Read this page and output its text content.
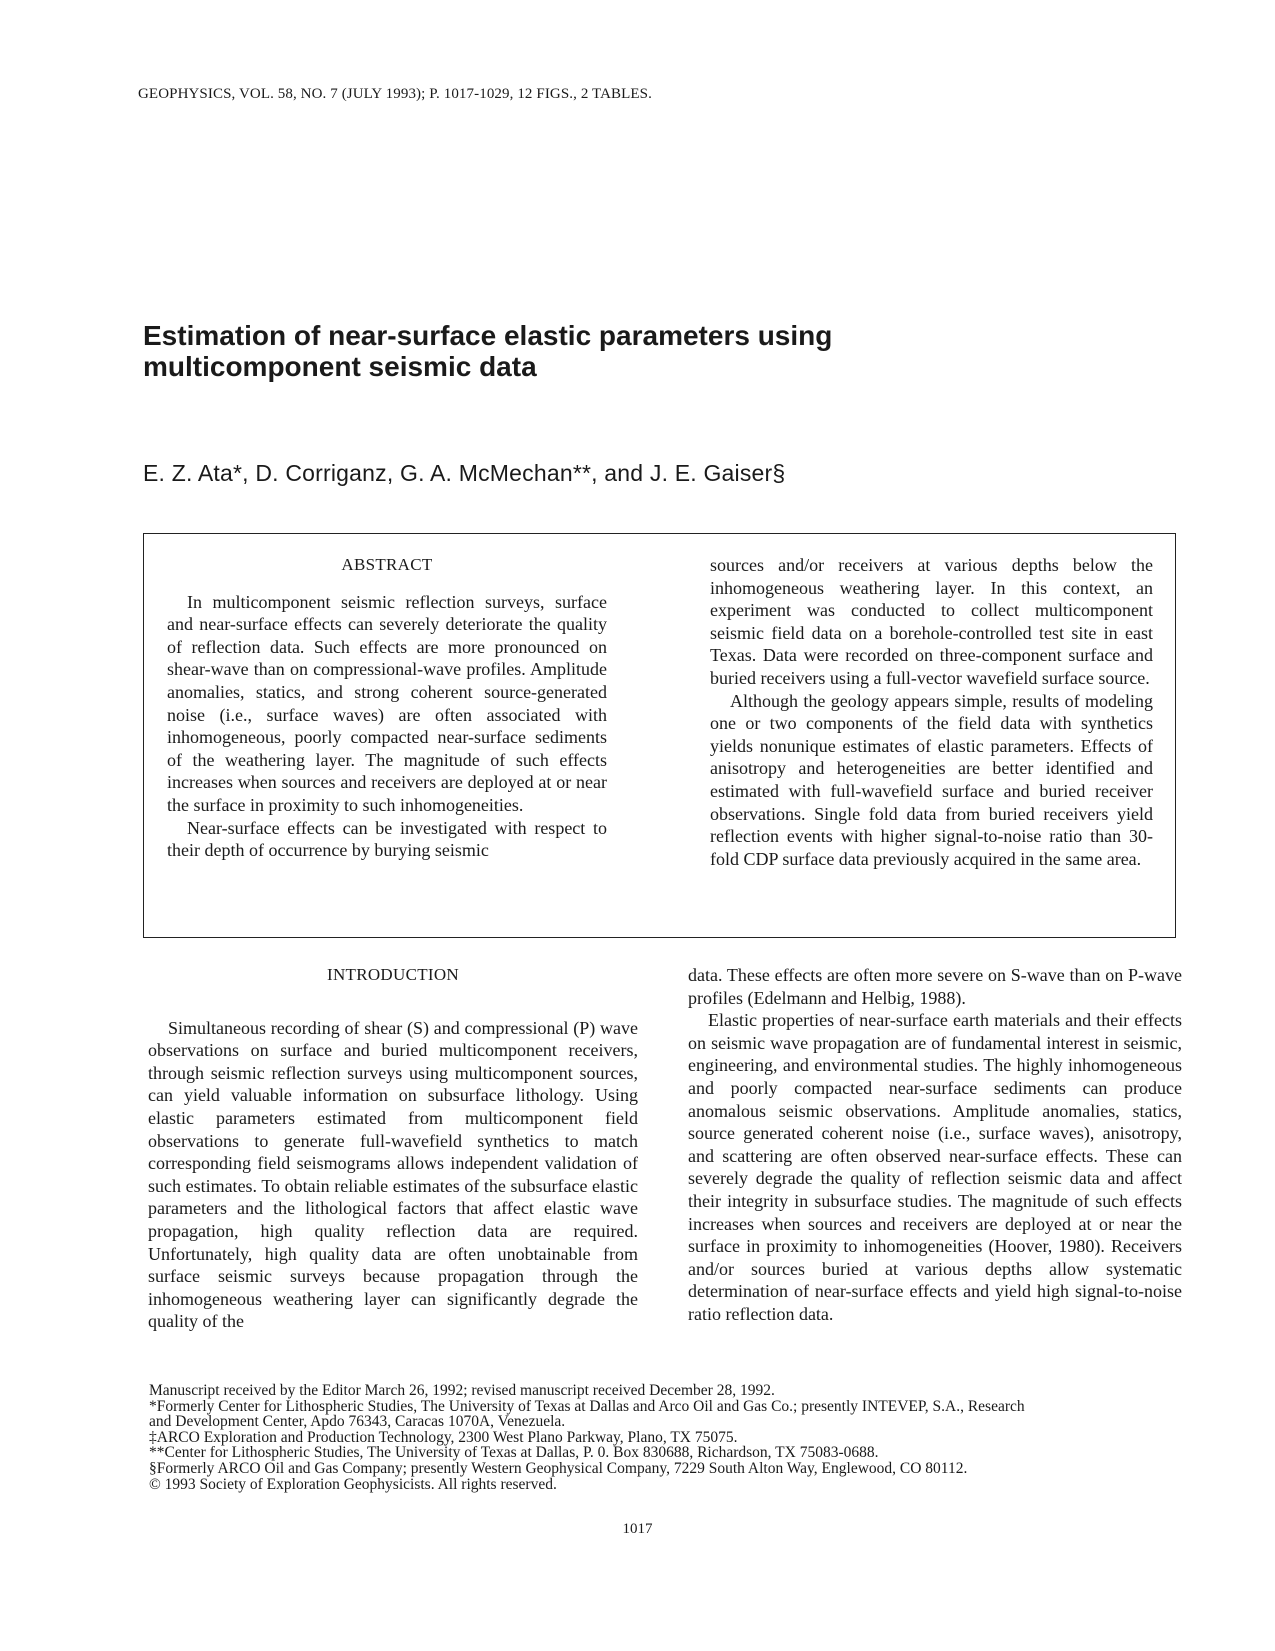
GEOPHYSICS, VOL. 58, NO. 7 (JULY 1993); P. 1017-1029, 12 FIGS., 2 TABLES.
Estimation of near-surface elastic parameters using
multicomponent seismic data
E. Z. Ata*, D. Corriganz, G. A. McMechan**, and J. E. Gaiser§

ABSTRACT

In multicomponent seismic reflection surveys, surface and near-surface effects can severely deteriorate the quality of reflection data. Such effects are more pronounced on shear-wave than on compressional-wave profiles. Amplitude anomalies, statics, and strong coherent source-generated noise (i.e., surface waves) are often associated with inhomogeneous, poorly compacted near-surface sediments of the weathering layer. The magnitude of such effects increases when sources and receivers are deployed at or near the surface in proximity to such inhomogeneities.

Near-surface effects can be investigated with respect to their depth of occurrence by burying seismic

sources and/or receivers at various depths below the inhomogeneous weathering layer. In this context, an experiment was conducted to collect multicomponent seismic field data on a borehole-controlled test site in east Texas. Data were recorded on three-component surface and buried receivers using a full-vector wavefield surface source.

Although the geology appears simple, results of modeling one or two components of the field data with synthetics yields nonunique estimates of elastic parameters. Effects of anisotropy and heterogeneities are better identified and estimated with full-wavefield surface and buried receiver observations. Single fold data from buried receivers yield reflection events with higher signal-to-noise ratio than 30-fold CDP surface data previously acquired in the same area.

INTRODUCTION

Simultaneous recording of shear (S) and compressional (P) wave observations on surface and buried multicomponent receivers, through seismic reflection surveys using multicomponent sources, can yield valuable information on subsurface lithology. Using elastic parameters estimated from multicomponent field observations to generate full-wavefield synthetics to match corresponding field seismograms allows independent validation of such estimates. To obtain reliable estimates of the subsurface elastic parameters and the lithological factors that affect elastic wave propagation, high quality reflection data are required. Unfortunately, high quality data are often unobtainable from surface seismic surveys because propagation through the inhomogeneous weathering layer can significantly degrade the quality of the

data. These effects are often more severe on S-wave than on P-wave profiles (Edelmann and Helbig, 1988).

Elastic properties of near-surface earth materials and their effects on seismic wave propagation are of fundamental interest in seismic, engineering, and environmental studies. The highly inhomogeneous and poorly compacted near-surface sediments can produce anomalous seismic observations. Amplitude anomalies, statics, source generated coherent noise (i.e., surface waves), anisotropy, and scattering are often observed near-surface effects. These can severely degrade the quality of reflection seismic data and affect their integrity in subsurface studies. The magnitude of such effects increases when sources and receivers are deployed at or near the surface in proximity to inhomogeneities (Hoover, 1980). Receivers and/or sources buried at various depths allow systematic determination of near-surface effects and yield high signal-to-noise ratio reflection data.

Manuscript received by the Editor March 26, 1992; revised manuscript received December 28, 1992.
*Formerly Center for Lithospheric Studies, The University of Texas at Dallas and Arco Oil and Gas Co.; presently INTEVEP, S.A., Research
and Development Center, Apdo 76343, Caracas 1070A, Venezuela.
‡ARCO Exploration and Production Technology, 2300 West Plano Parkway, Plano, TX 75075.
**Center for Lithospheric Studies, The University of Texas at Dallas, P. 0. Box 830688, Richardson, TX 75083-0688.
§Formerly ARCO Oil and Gas Company; presently Western Geophysical Company, 7229 South Alton Way, Englewood, CO 80112.
© 1993 Society of Exploration Geophysicists. All rights reserved.
1017
